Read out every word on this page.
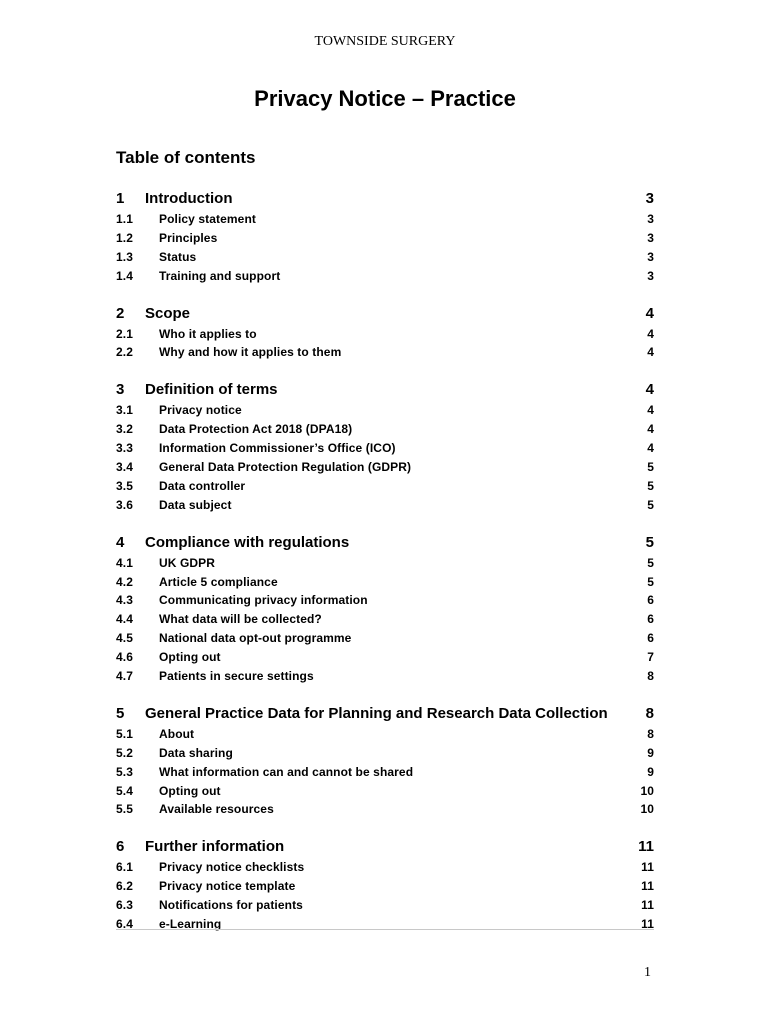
TOWNSIDE SURGERY
Privacy Notice – Practice
Table of contents
1	Introduction	3
1.1	Policy statement	3
1.2	Principles	3
1.3	Status	3
1.4	Training and support	3
2	Scope	4
2.1	Who it applies to	4
2.2	Why and how it applies to them	4
3	Definition of terms	4
3.1	Privacy notice	4
3.2	Data Protection Act 2018 (DPA18)	4
3.3	Information Commissioner’s Office (ICO)	4
3.4	General Data Protection Regulation (GDPR)	5
3.5	Data controller	5
3.6	Data subject	5
4	Compliance with regulations	5
4.1	UK GDPR	5
4.2	Article 5 compliance	5
4.3	Communicating privacy information	6
4.4	What data will be collected?	6
4.5	National data opt-out programme	6
4.6	Opting out	7
4.7	Patients in secure settings	8
5	General Practice Data for Planning and Research Data Collection	8
5.1	About	8
5.2	Data sharing	9
5.3	What information can and cannot be shared	9
5.4	Opting out	10
5.5	Available resources	10
6	Further information	11
6.1	Privacy notice checklists	11
6.2	Privacy notice template	11
6.3	Notifications for patients	11
6.4	e-Learning	11
1
